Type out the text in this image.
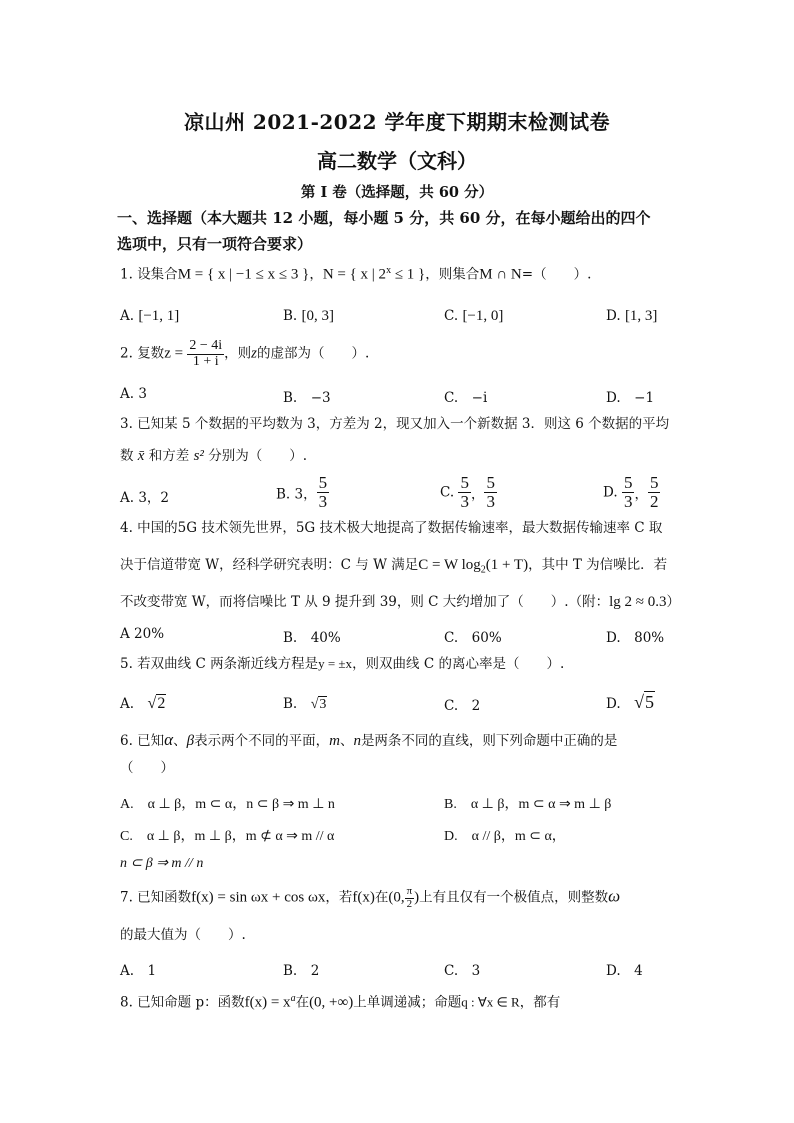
凉山州 2021-2022 学年度下期期末检测试卷
高二数学（文科）
第 I 卷（选择题，共 60 分）
一、选择题（本大题共 12 小题，每小题 5 分，共 60 分，在每小题给出的四个
选项中，只有一项符合要求）
1. 设集合M = { x | −1 ≤ x ≤ 3 }，N = { x | $2^x \le 1$ }，则集合M ∩ N=（　　）.
A. [−1, 1]	B. [0, 3]	C. [−1, 0]	D. [1, 3]
2. 复数$z = \frac{2 - 4i}{1 + i}$ ，则z的虚部为（　　）.
A. 3	B.　−3	C.　−i	D.　−1
3. 已知某 5 个数据的平均数为 3，方差为 2，现又加入一个新数据 3．则这 6 个数据的平均
数 x̄ 和方差 s² 分别为（　　）.
A. 3，2	B. 3， $\frac{5}{3}$	C. $\frac{5}{3}$ ， $\frac{5}{3}$	D. $\frac{5}{3}$ ， $\frac{5}{2}$
4. 中国的5G 技术领先世界，5G 技术极大地提高了数据传输速率，最大数据传输速率 C 取
决于信道带宽 W，经科学研究表明：C 与 W 满足C = W $\log_2(1 + T)$，其中 T 为信噪比．若
不改变带宽 W，而将信噪比 T 从 9 提升到 39，则 C 大约增加了（　　）.（附：lg 2 ≈ 0.3）
A 20%	B.　40%	C.　60%	D.　80%
5. 若双曲线 C 两条渐近线方程是y = ±x，则双曲线 C 的离心率是（　　）.
A.　 √2	B.　 √3	C.　2	D.　 √5
6. 已知α、β表示两个不同的平面，m、n是两条不同的直线，则下列命题中正确的是
（　　）
A.　α ⊥ β，m ⊂ α，n ⊂ β ⇒ m ⊥ n	B.　α ⊥ β，m ⊂ α ⇒ m ⊥ β
C.　α ⊥ β，m ⊥ β，m ⊄ α ⇒ m // α	D.　α // β，m ⊂ α，
n ⊂ β ⇒ m // n
7. 已知函数f(x) = sin ωx + cos ωx，若f(x)在(0, $\frac{\pi}{2}$ )上有且仅有一个极值点，则整数ω
的最大值为（　　）.
A.　1	B.　2	C.　3	D.　4
8. 已知命题 p：函数$f(x) = x^a$在(0, +∞)上单调递减；命题q : ∀x ∈ R，都有
